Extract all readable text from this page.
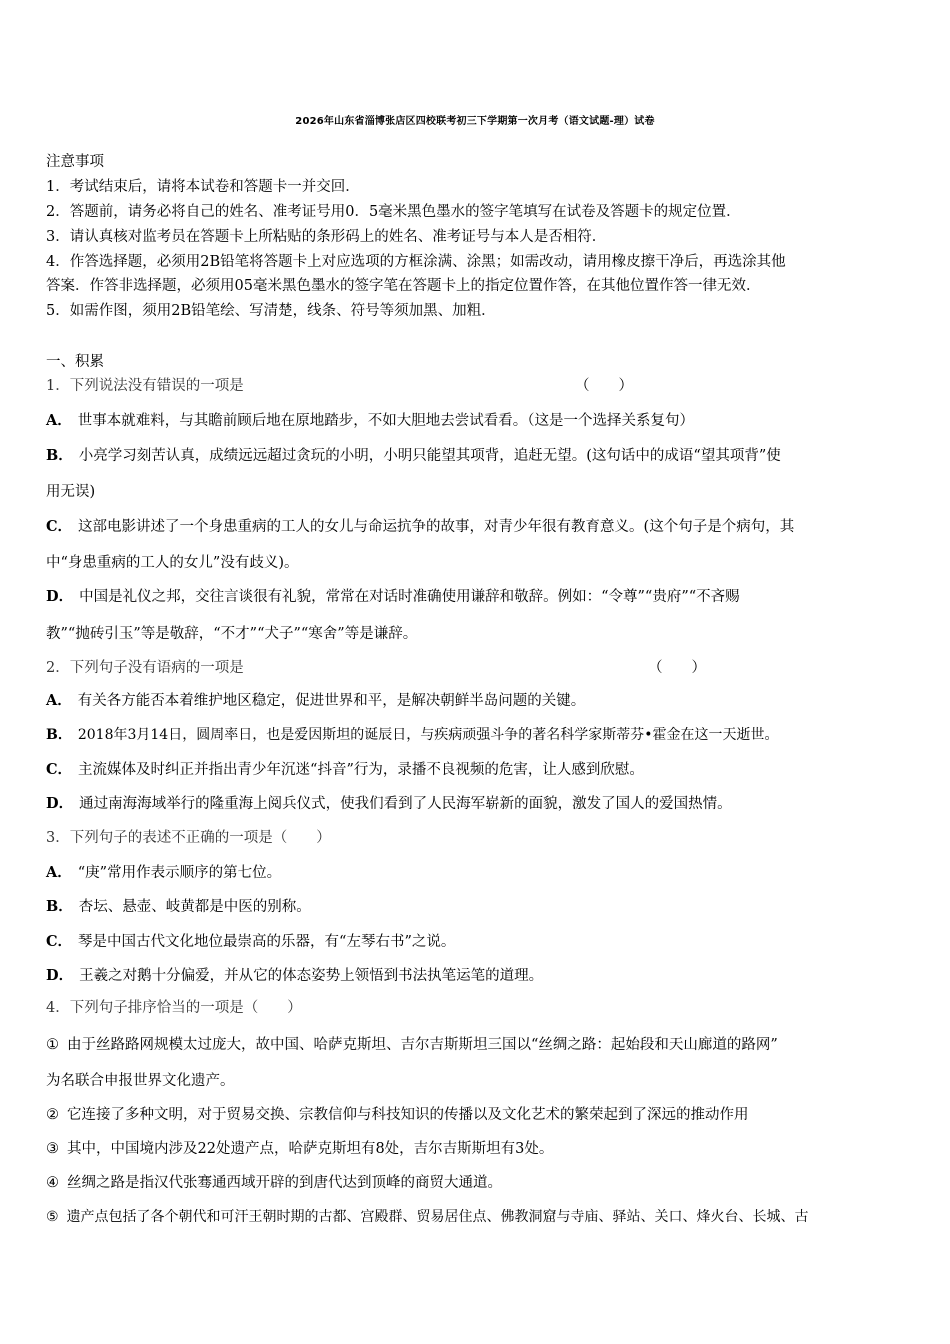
2026年山东省淄博张店区四校联考初三下学期第一次月考（语文试题-理）试卷
注意事项
1．考试结束后，请将本试卷和答题卡一并交回．
2．答题前，请务必将自己的姓名、准考证号用0．5毫米黑色墨水的签字笔填写在试卷及答题卡的规定位置．
3．请认真核对监考员在答题卡上所粘贴的条形码上的姓名、准考证号与本人是否相符．
4．作答选择题，必须用2B铅笔将答题卡上对应选项的方框涂满、涂黑；如需改动，请用橡皮擦干净后，再选涂其他
答案．作答非选择题，必须用05毫米黑色墨水的签字笔在答题卡上的指定位置作答，在其他位置作答一律无效．
5．如需作图，须用2B铅笔绘、写清楚，线条、符号等须加黑、加粗．
一、积累
1．下列说法没有错误的一项是	（　　）
A． 世事本就难料，与其瞻前顾后地在原地踏步，不如大胆地去尝试看看。（这是一个选择关系复句）
B． 小亮学习刻苦认真，成绩远远超过贪玩的小明，小明只能望其项背，追赶无望。(这句话中的成语“望其项背”使
用无误)
C． 这部电影讲述了一个身患重病的工人的女儿与命运抗争的故事，对青少年很有教育意义。(这个句子是个病句，其
中“身患重病的工人的女儿”没有歧义)。
D． 中国是礼仪之邦，交往言谈很有礼貌，常常在对话时准确使用谦辞和敬辞。例如：“令尊”“贵府”“不吝赐
教”“抛砖引玉”等是敬辞，“不才”“犬子”“寒舍”等是谦辞。
2．下列句子没有语病的一项是	（　　）
A． 有关各方能否本着维护地区稳定，促进世界和平，是解决朝鲜半岛问题的关键。
B． 2018年3月14日，圆周率日，也是爱因斯坦的诞辰日，与疾病顽强斗争的著名科学家斯蒂芬•霍金在这一天逝世。
C． 主流媒体及时纠正并指出青少年沉迷“抖音”行为，录播不良视频的危害，让人感到欣慰。
D． 通过南海海域举行的隆重海上阅兵仪式，使我们看到了人民海军崭新的面貌，激发了国人的爱国热情。
3．下列句子的表述不正确的一项是（　　）
A． “庚”常用作表示顺序的第七位。
B． 杏坛、悬壶、岐黄都是中医的别称。
C． 琴是中国古代文化地位最崇高的乐器，有“左琴右书”之说。
D． 王羲之对鹅十分偏爱，并从它的体态姿势上领悟到书法执笔运笔的道理。
4．下列句子排序恰当的一项是（　　）
① 由于丝路路网规模太过庞大，故中国、哈萨克斯坦、吉尔吉斯斯坦三国以“丝绸之路：起始段和天山廊道的路网”
为名联合申报世界文化遗产。
② 它连接了多种文明，对于贸易交换、宗教信仰与科技知识的传播以及文化艺术的繁荣起到了深远的推动作用
③ 其中，中国境内涉及22处遗产点，哈萨克斯坦有8处，吉尔吉斯斯坦有3处。
④ 丝绸之路是指汉代张骞通西域开辟的到唐代达到顶峰的商贸大通道。
⑤ 遗产点包括了各个朝代和可汗王朝时期的古都、宫殿群、贸易居住点、佛教洞窟与寺庙、驿站、关口、烽火台、长城、古
